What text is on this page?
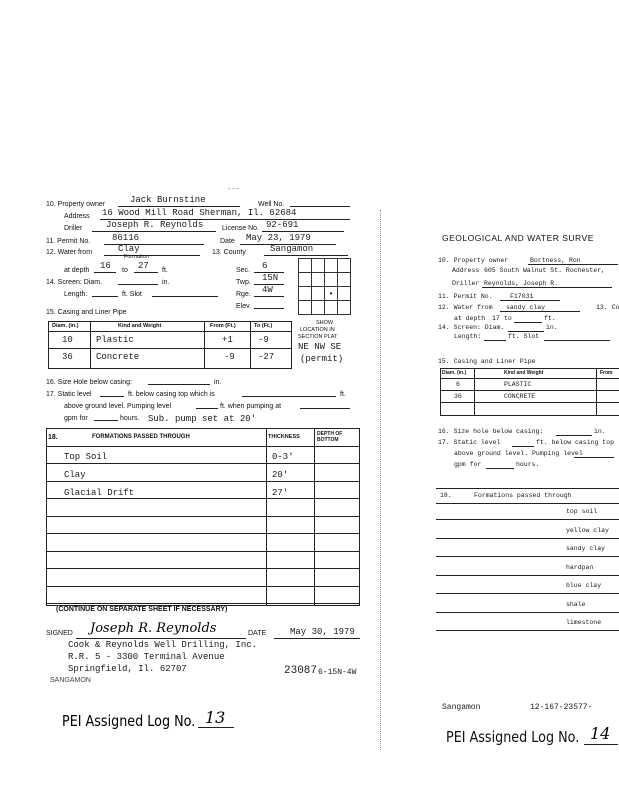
- - -
10. Property owner	Jack Burnstine	Well No.
Address 16 Wood Mill Road Sherman, Il. 62684
Driller	Joseph R. Reynolds	License No. 92-691
11. Permit No. 86116	Date May 23, 1979
12. Water from	Clay
Formation
13. County	Sangamon
at depth 16 to 27 ft.
14. Screen: Diam.	in.
Length:	ft. Slot
Sec. 6
Twp. 15N
Rge. 4W
Elev.

		•	

15. Casing and Liner Pipe
Diam. (in.)	Kind and Weight	From (Ft.)	To (Ft.)
10	Plastic	+1	-9
36	Concrete	-9	-27
SHOW
LOCATION IN
SECTION PLAT
NE NW SE
(permit)
16. Size Hole below casing:	in.
17. Static level	ft. below casing top which is	ft.
above ground level. Pumping level	ft. when pumping at
gpm for	hours. Sub. pump set at 20'
18.	FORMATIONS PASSED THROUGH	THICKNESS	DEPTH OF BOTTOM
Top Soil	0-3'
Clay	20'
Glacial Drift	27'
(CONTINUE ON SEPARATE SHEET IF NECESSARY)
SIGNED Joseph R. Reynolds	DATE	May 30, 1979
Cook & Reynolds Well Drilling, Inc.
R.R. 5 - 3300 Terminal Avenue
Springfield, Il. 62707
SANGAMON
23087 6-15N-4W
PEI Assigned Log No. 13
GEOLOGICAL AND WATER SURVE
10. Property owner	Bortness, Ron
Address 605 South Walnut St. Rochester,
Driller Reynolds, Joseph R.
11. Permit No.	F17031
12. Water from sandy clay	13. Co
at depth 17 to	ft.
14. Screen: Diam.	in.
Length:	ft. Slot
15. Casing and Liner Pipe
Diam. (in.)	Kind and Weight	From
6	PLASTIC
36	CONCRETE
16. Size hole below casing:	in.
17. Static level	ft. below casing top
above ground level. Pumping level
gpm for	hours.
18.	Formations passed through
top soil
yellow clay
sandy clay
hardpan
blue clay
shale
limestone
Sangamon	12-167-23577-
PEI Assigned Log No. 14
